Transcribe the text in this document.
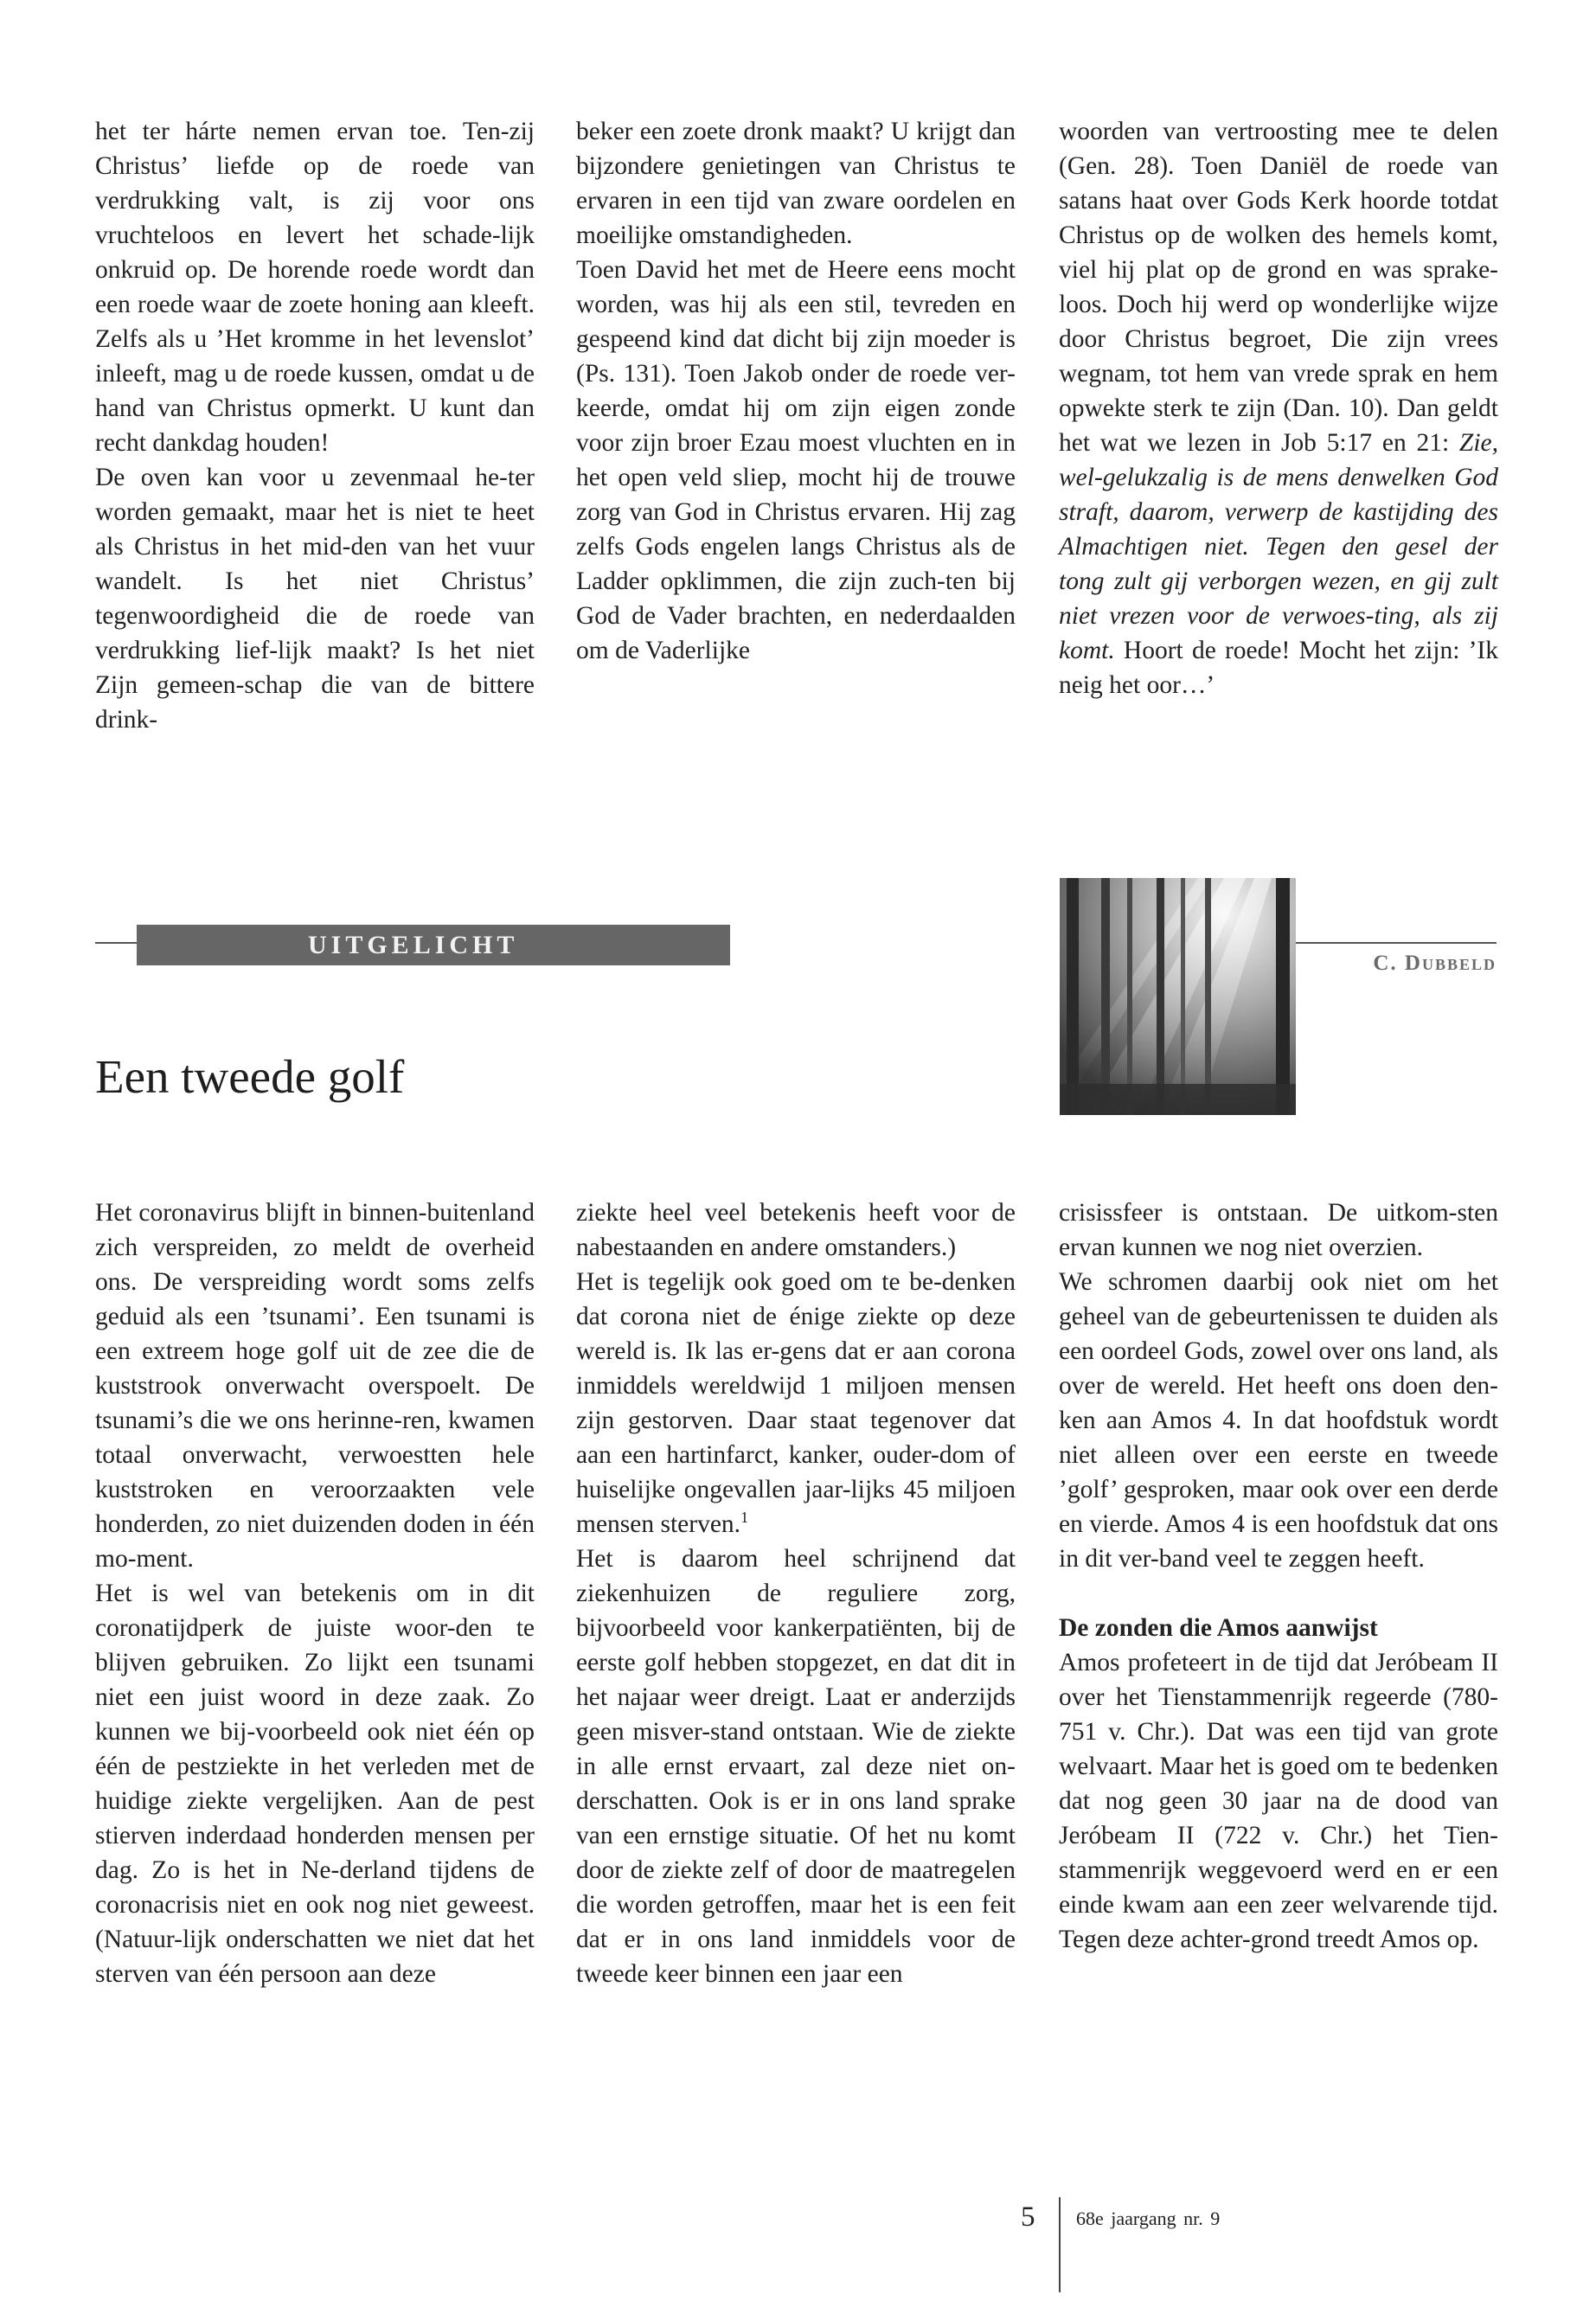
het ter hárte nemen ervan toe. Ten-zij Christus’ liefde op de roede van verdrukking valt, is zij voor ons vruchteloos en levert het schade-lijk onkruid op. De horende roede wordt dan een roede waar de zoete honing aan kleeft. Zelfs als u ’Het kromme in het levenslot’ inleeft, mag u de roede kussen, omdat u de hand van Christus opmerkt. U kunt dan recht dankdag houden!

De oven kan voor u zevenmaal he-ter worden gemaakt, maar het is niet te heet als Christus in het mid-den van het vuur wandelt. Is het niet Christus’ tegenwoordigheid die de roede van verdrukking lief-lijk maakt? Is het niet Zijn gemeen-schap die van de bittere drink-

beker een zoete dronk maakt? U krijgt dan bijzondere genietingen van Christus te ervaren in een tijd van zware oordelen en moeilijke omstandigheden.

Toen David het met de Heere eens mocht worden, was hij als een stil, tevreden en gespeend kind dat dicht bij zijn moeder is (Ps. 131). Toen Jakob onder de roede ver-keerde, omdat hij om zijn eigen zonde voor zijn broer Ezau moest vluchten en in het open veld sliep, mocht hij de trouwe zorg van God in Christus ervaren. Hij zag zelfs Gods engelen langs Christus als de Ladder opklimmen, die zijn zuch-ten bij God de Vader brachten, en nederdaalden om de Vaderlijke

woorden van vertroosting mee te delen (Gen. 28). Toen Daniël de roede van satans haat over Gods Kerk hoorde totdat Christus op de wolken des hemels komt, viel hij plat op de grond en was sprake-loos. Doch hij werd op wonderlijke wijze door Christus begroet, Die zijn vrees wegnam, tot hem van vrede sprak en hem opwekte sterk te zijn (Dan. 10). Dan geldt het wat we lezen in Job 5:17 en 21: Zie, wel-gelukzalig is de mens denwelken God straft, daarom, verwerp de kastijding des Almachtigen niet. Tegen den gesel der tong zult gij verborgen wezen, en gij zult niet vrezen voor de verwoes-ting, als zij komt. Hoort de roede! Mocht het zijn: ’Ik neig het oor…’

UITGELICHT
C. Dubbeld
Een tweede golf

Het coronavirus blijft in binnen-buitenland zich verspreiden, zo meldt de overheid ons. De verspreiding wordt soms zelfs geduid als een ’tsunami’. Een tsunami is een extreem hoge golf uit de zee die de kuststrook onverwacht overspoelt. De tsunami’s die we ons herinne-ren, kwamen totaal onverwacht, verwoestten hele kuststroken en veroorzaakten vele honderden, zo niet duizenden doden in één mo-ment.

Het is wel van betekenis om in dit coronatijdperk de juiste woor-den te blijven gebruiken. Zo lijkt een tsunami niet een juist woord in deze zaak. Zo kunnen we bij-voorbeeld ook niet één op één de pestziekte in het verleden met de huidige ziekte vergelijken. Aan de pest stierven inderdaad honderden mensen per dag. Zo is het in Ne-derland tijdens de coronacrisis niet en ook nog niet geweest. (Natuur-lijk onderschatten we niet dat het sterven van één persoon aan deze

ziekte heel veel betekenis heeft voor de nabestaanden en andere omstanders.)

Het is tegelijk ook goed om te be-denken dat corona niet de énige ziekte op deze wereld is. Ik las er-gens dat er aan corona inmiddels wereldwijd 1 miljoen mensen zijn gestorven. Daar staat tegenover dat aan een hartinfarct, kanker, ouder-dom of huiselijke ongevallen jaar-lijks 45 miljoen mensen sterven.$^1$

Het is daarom heel schrijnend dat ziekenhuizen de reguliere zorg, bijvoorbeeld voor kankerpatiënten, bij de eerste golf hebben stopgezet, en dat dit in het najaar weer dreigt. Laat er anderzijds geen misver-stand ontstaan. Wie de ziekte in alle ernst ervaart, zal deze niet on-derschatten. Ook is er in ons land sprake van een ernstige situatie. Of het nu komt door de ziekte zelf of door de maatregelen die worden getroffen, maar het is een feit dat er in ons land inmiddels voor de tweede keer binnen een jaar een

crisissfeer is ontstaan. De uitkom-sten ervan kunnen we nog niet overzien.

We schromen daarbij ook niet om het geheel van de gebeurtenissen te duiden als een oordeel Gods, zowel over ons land, als over de wereld. Het heeft ons doen den-ken aan Amos 4. In dat hoofdstuk wordt niet alleen over een eerste en tweede ’golf’ gesproken, maar ook over een derde en vierde. Amos 4 is een hoofdstuk dat ons in dit ver-band veel te zeggen heeft.

De zonden die Amos aanwijst

Amos profeteert in de tijd dat Jeróbeam II over het Tienstammenrijk regeerde (780-751 v. Chr.). Dat was een tijd van grote welvaart. Maar het is goed om te bedenken dat nog geen 30 jaar na de dood van Jeróbeam II (722 v. Chr.) het Tien-stammenrijk weggevoerd werd en er een einde kwam aan een zeer welvarende tijd. Tegen deze achter-grond treedt Amos op.

5 68e jaargang nr. 9
